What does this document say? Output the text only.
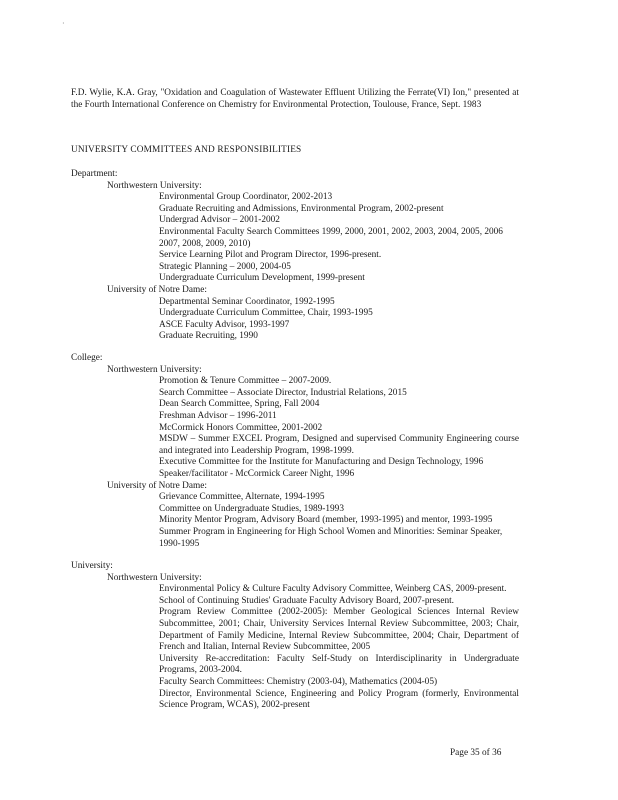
·
F.D. Wylie, K.A. Gray, "Oxidation and Coagulation of Wastewater Effluent Utilizing the Ferrate(VI) Ion," presented at the Fourth International Conference on Chemistry for Environmental Protection, Toulouse, France, Sept. 1983
UNIVERSITY COMMITTEES AND RESPONSIBILITIES
Department:
Northwestern University:
Environmental Group Coordinator, 2002-2013
Graduate Recruiting and Admissions, Environmental Program, 2002-present
Undergrad Advisor – 2001-2002
Environmental Faculty Search Committees 1999, 2000, 2001, 2002, 2003, 2004, 2005, 2006 2007, 2008, 2009, 2010)
Service Learning Pilot and Program Director, 1996-present.
Strategic Planning – 2000, 2004-05
Undergraduate Curriculum Development, 1999-present
University of Notre Dame:
Departmental Seminar Coordinator, 1992-1995
Undergraduate Curriculum Committee, Chair, 1993-1995
ASCE Faculty Advisor, 1993-1997
Graduate Recruiting, 1990
College:
Northwestern University:
Promotion & Tenure Committee – 2007-2009.
Search Committee – Associate Director, Industrial Relations, 2015
Dean Search Committee, Spring, Fall 2004
Freshman Advisor – 1996-2011
McCormick Honors Committee, 2001-2002
MSDW – Summer EXCEL Program, Designed and supervised Community Engineering course and integrated into Leadership Program, 1998-1999.
Executive Committee for the Institute for Manufacturing and Design Technology, 1996
Speaker/facilitator - McCormick Career Night, 1996
University of Notre Dame:
Grievance Committee, Alternate, 1994-1995
Committee on Undergraduate Studies, 1989-1993
Minority Mentor Program, Advisory Board (member, 1993-1995) and mentor, 1993-1995
Summer Program in Engineering for High School Women and Minorities: Seminar Speaker, 1990-1995
University:
Northwestern University:
Environmental Policy & Culture Faculty Advisory Committee, Weinberg CAS, 2009-present.
School of Continuing Studies' Graduate Faculty Advisory Board, 2007-present.
Program Review Committee (2002-2005): Member Geological Sciences Internal Review Subcommittee, 2001; Chair, University Services Internal Review Subcommittee, 2003; Chair, Department of Family Medicine, Internal Review Subcommittee, 2004; Chair, Department of French and Italian, Internal Review Subcommittee, 2005
University Re-accreditation: Faculty Self-Study on Interdisciplinarity in Undergraduate Programs, 2003-2004.
Faculty Search Committees: Chemistry (2003-04), Mathematics (2004-05)
Director, Environmental Science, Engineering and Policy Program (formerly, Environmental Science Program, WCAS), 2002-present
Page 35 of 36
